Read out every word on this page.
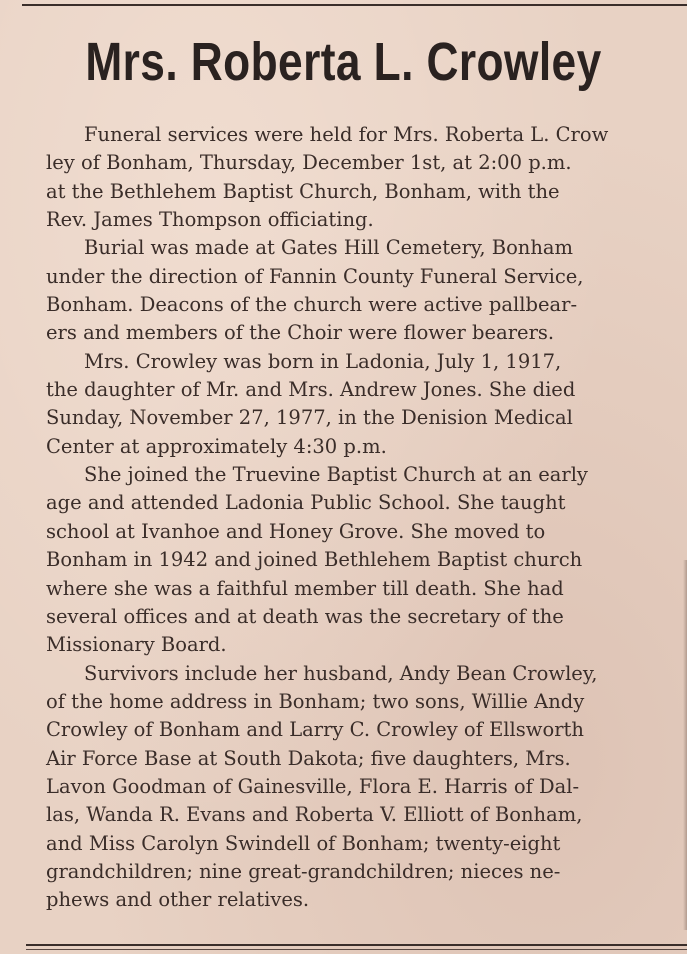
Mrs. Roberta L. Crowley
Funeral services were held for Mrs. Roberta L. Crow
ley of Bonham, Thursday, December 1st, at 2:00 p.m.
at the Bethlehem Baptist Church, Bonham, with the
Rev. James Thompson officiating.
Burial was made at Gates Hill Cemetery, Bonham
under the direction of Fannin County Funeral Service,
Bonham. Deacons of the church were active pallbear-
ers and members of the Choir were flower bearers.
Mrs. Crowley was born in Ladonia, July 1, 1917,
the daughter of Mr. and Mrs. Andrew Jones. She died
Sunday, November 27, 1977, in the Denision Medical
Center at approximately 4:30 p.m.
She joined the Truevine Baptist Church at an early
age and attended Ladonia Public School. She taught
school at Ivanhoe and Honey Grove. She moved to
Bonham in 1942 and joined Bethlehem Baptist church
where she was a faithful member till death. She had
several offices and at death was the secretary of the
Missionary Board.
Survivors include her husband, Andy Bean Crowley,
of the home address in Bonham; two sons, Willie Andy
Crowley of Bonham and Larry C. Crowley of Ellsworth
Air Force Base at South Dakota; five daughters, Mrs.
Lavon Goodman of Gainesville, Flora E. Harris of Dal-
las, Wanda R. Evans and Roberta V. Elliott of Bonham,
and Miss Carolyn Swindell of Bonham; twenty-eight
grandchildren; nine great-grandchildren; nieces ne-
phews and other relatives.
